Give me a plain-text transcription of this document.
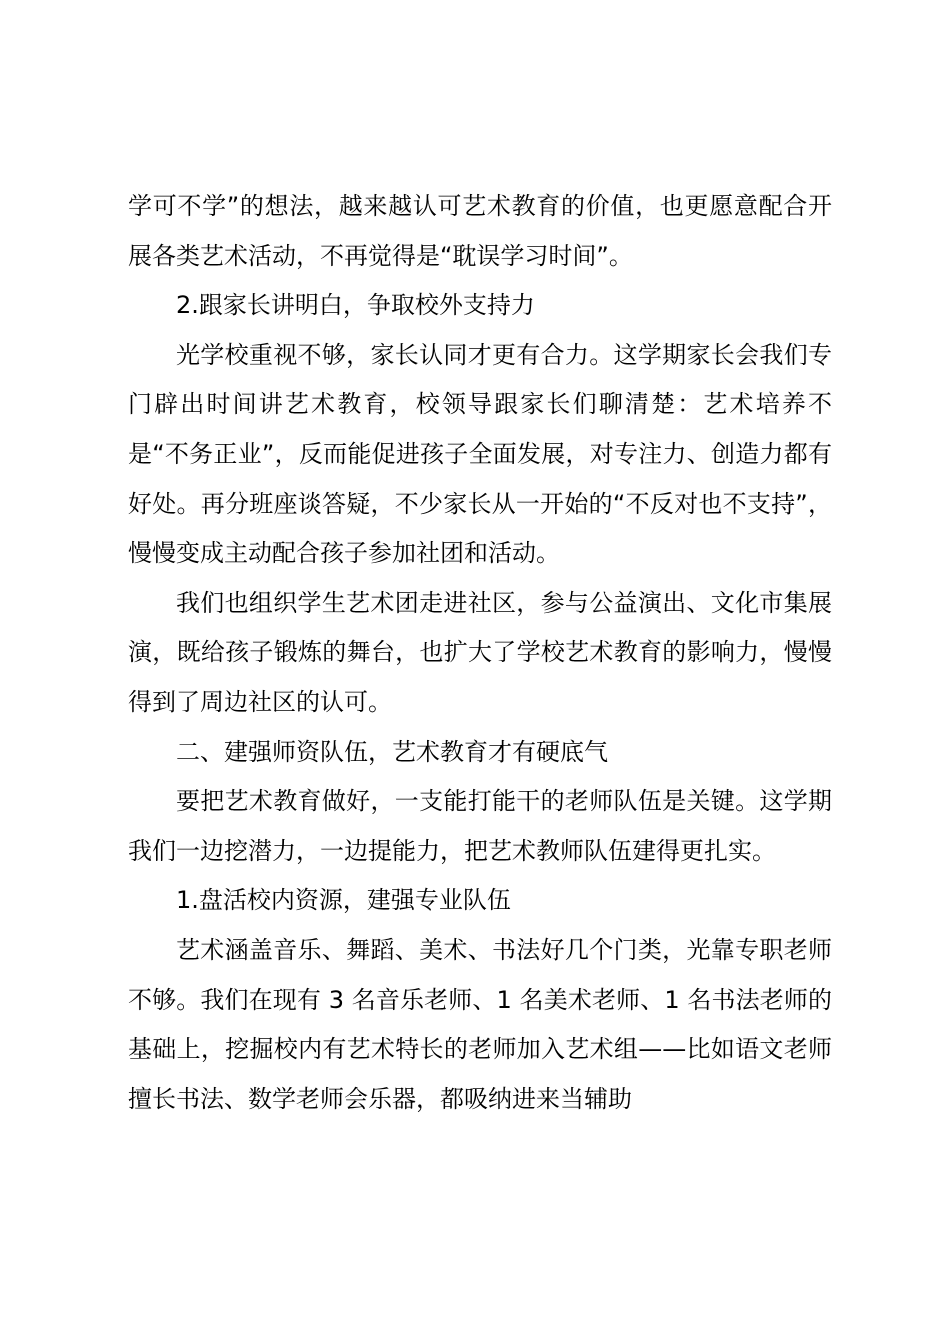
学可不学”的想法，越来越认可艺术教育的价值，也更愿意配合开展各类艺术活动，不再觉得是“耽误学习时间”。

2.跟家长讲明白，争取校外支持力

光学校重视不够，家长认同才更有合力。这学期家长会我们专门辟出时间讲艺术教育，校领导跟家长们聊清楚：艺术培养不是“不务正业”，反而能促进孩子全面发展，对专注力、创造力都有好处。再分班座谈答疑，不少家长从一开始的“不反对也不支持”，慢慢变成主动配合孩子参加社团和活动。

我们也组织学生艺术团走进社区，参与公益演出、文化市集展演，既给孩子锻炼的舞台，也扩大了学校艺术教育的影响力，慢慢得到了周边社区的认可。

二、建强师资队伍，艺术教育才有硬底气

要把艺术教育做好，一支能打能干的老师队伍是关键。这学期我们一边挖潜力，一边提能力，把艺术教师队伍建得更扎实。

1.盘活校内资源，建强专业队伍

艺术涵盖音乐、舞蹈、美术、书法好几个门类，光靠专职老师不够。我们在现有 3 名音乐老师、1 名美术老师、1 名书法老师的基础上，挖掘校内有艺术特长的老师加入艺术组——比如语文老师擅长书法、数学老师会乐器，都吸纳进来当辅助
